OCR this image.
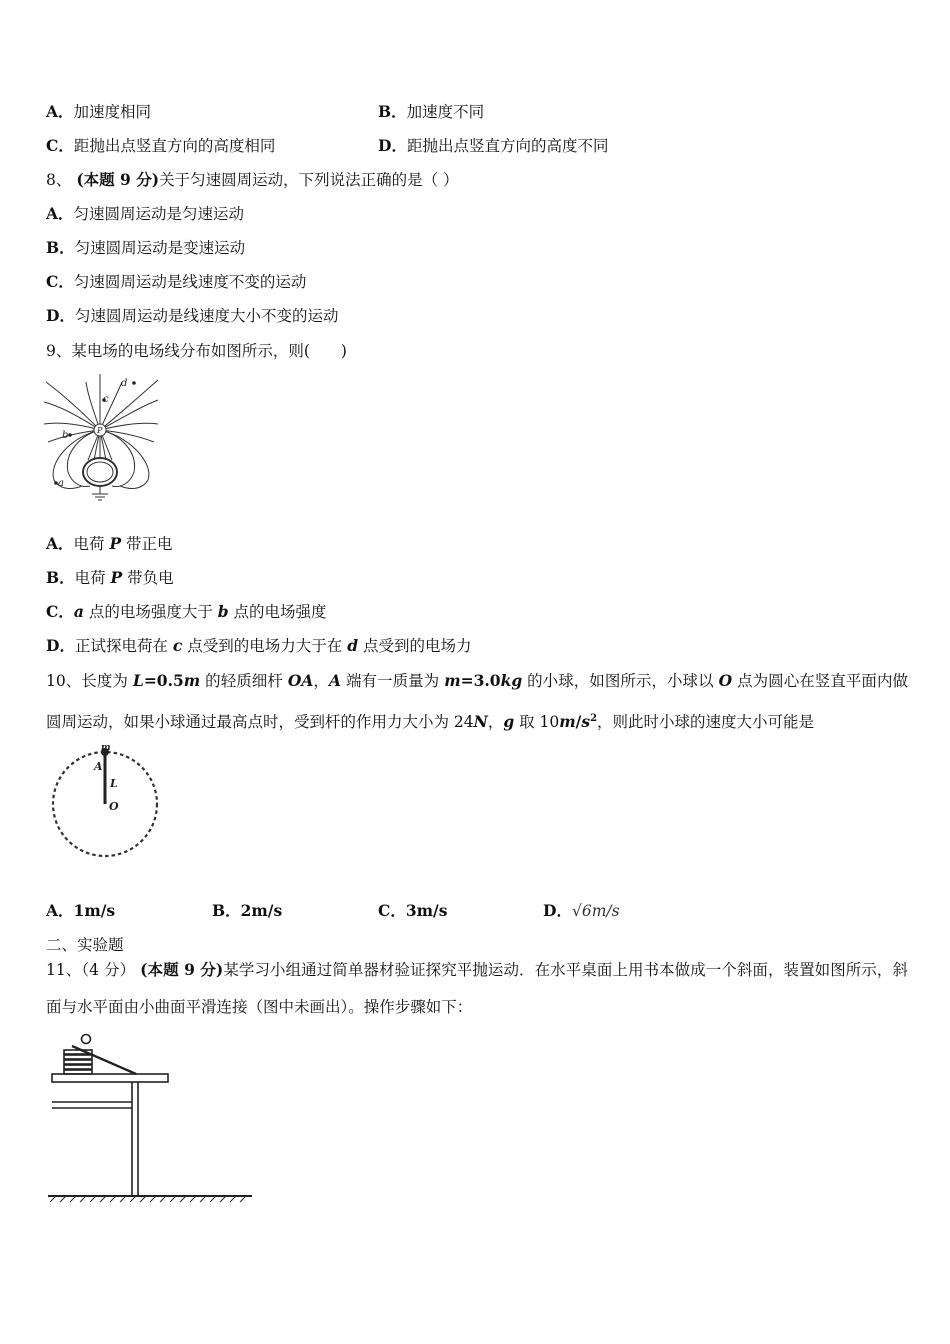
A．加速度相同	B．加速度不同
C．距抛出点竖直方向的高度相同	D．距抛出点竖直方向的高度不同
8、 (本题 9 分)关于匀速圆周运动，下列说法正确的是（ ）
A．匀速圆周运动是匀速运动
B．匀速圆周运动是变速运动
C．匀速圆周运动是线速度不变的运动
D．匀速圆周运动是线速度大小不变的运动
9、某电场的电场线分布如图所示，则(　　)
P
d
c
b
a
A．电荷 P 带正电
B．电荷 P 带负电
C．a 点的电场强度大于 b 点的电场强度
D．正试探电荷在 c 点受到的电场力大于在 d 点受到的电场力
10、长度为 L=0.5m 的轻质细杆 OA，A 端有一质量为 m=3.0kg 的小球，如图所示，小球以 O 点为圆心在竖直平面内做圆周运动，如果小球通过最高点时，受到杆的作用力大小为 24N，g 取 $10m/s^2$，则此时小球的速度大小可能是
m
A
L
O
A．1m/s	B．2m/s	C．3m/s	D．√6m/s
二、实验题
11、（4 分） (本题 9 分)某学习小组通过简单器材验证探究平抛运动．在水平桌面上用书本做成一个斜面，装置如图所示，斜面与水平面由小曲面平滑连接（图中未画出）。操作步骤如下：
